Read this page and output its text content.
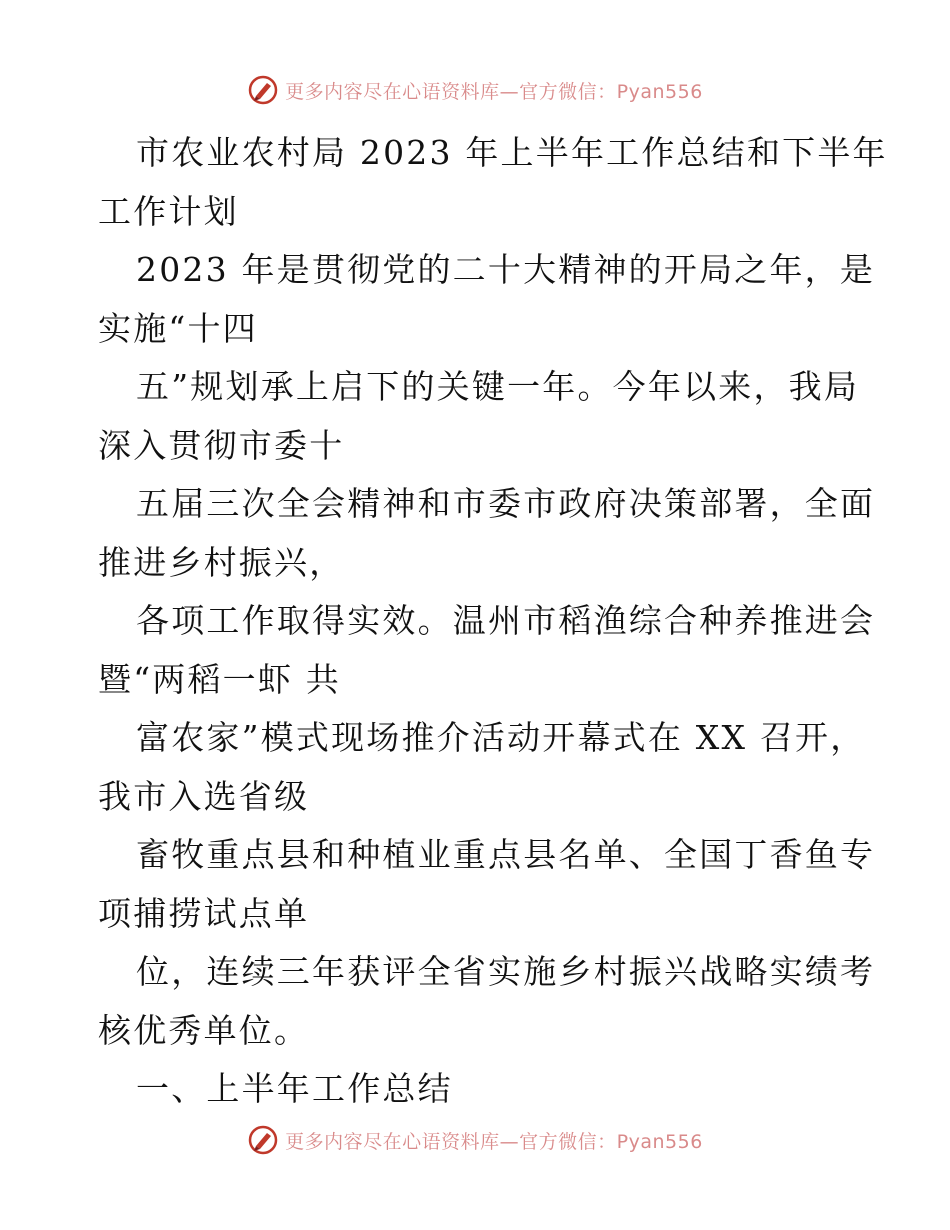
更多内容尽在心语资料库—官方微信：Pyan556
市农业农村局 2023 年上半年工作总结和下半年
工作计划
2023 年是贯彻党的二十大精神的开局之年，是
实施“十四
五”规划承上启下的关键一年。今年以来，我局
深入贯彻市委十
五届三次全会精神和市委市政府决策部署，全面
推进乡村振兴，
各项工作取得实效。温州市稻渔综合种养推进会
暨“两稻一虾 共
富农家”模式现场推介活动开幕式在 XX 召开，
我市入选省级
畜牧重点县和种植业重点县名单、全国丁香鱼专
项捕捞试点单
位，连续三年获评全省实施乡村振兴战略实绩考
核优秀单位。
一、上半年工作总结
更多内容尽在心语资料库—官方微信：Pyan556
